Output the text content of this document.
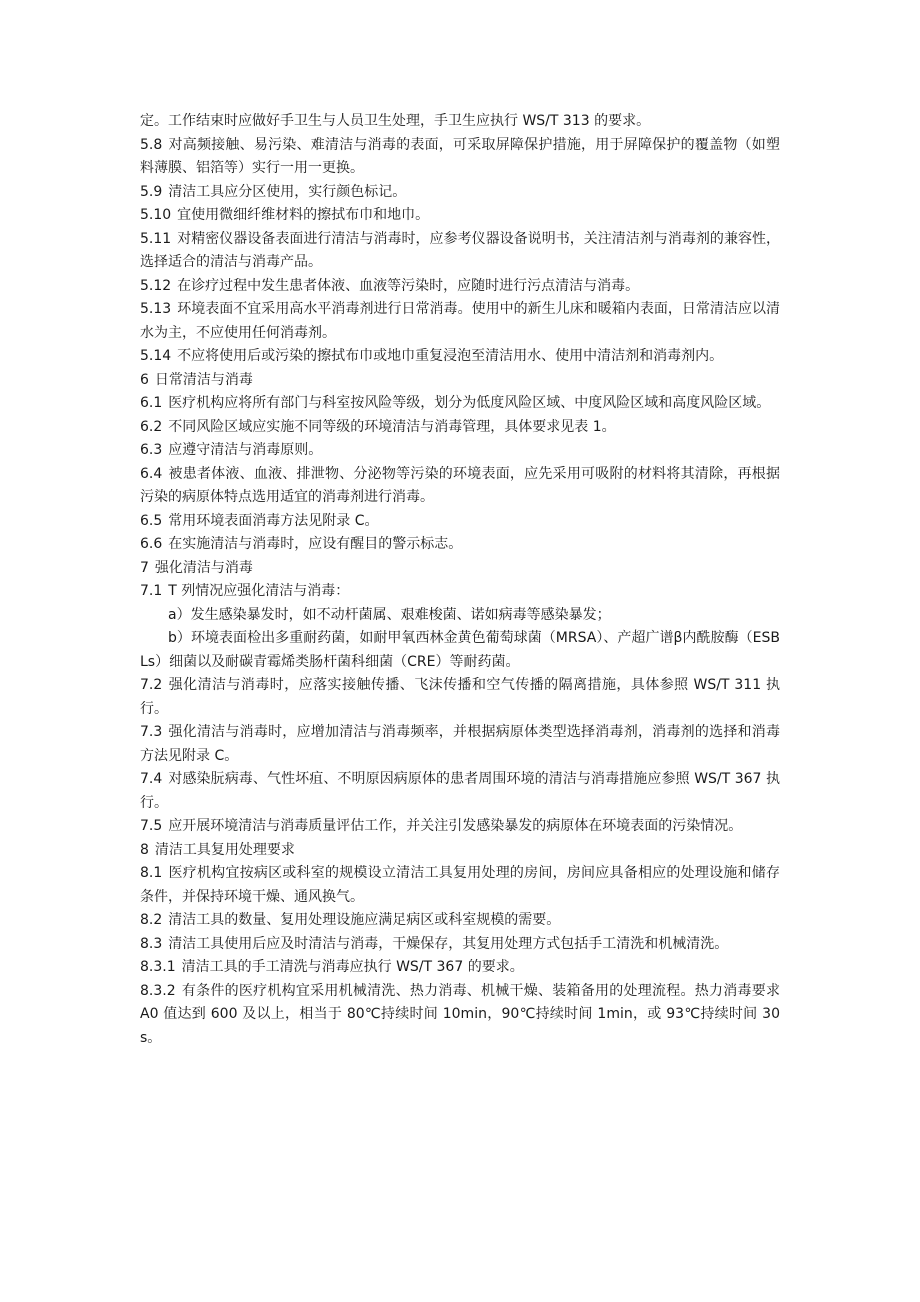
定。工作结束时应做好手卫生与人员卫生处理，手卫生应执行 WS/T 313 的要求。

5.8 对高频接触、易污染、难清洁与消毒的表面，可采取屏障保护措施，用于屏障保护的覆盖物（如塑料薄膜、铝箔等）实行一用一更换。

5.9 清洁工具应分区使用，实行颜色标记。

5.10 宜使用微细纤维材料的擦拭布巾和地巾。

5.11 对精密仪器设备表面进行清洁与消毒时，应参考仪器设备说明书，关注清洁剂与消毒剂的兼容性，选择适合的清洁与消毒产品。

5.12 在诊疗过程中发生患者体液、血液等污染时，应随时进行污点清洁与消毒。

5.13 环境表面不宜采用高水平消毒剂进行日常消毒。使用中的新生儿床和暖箱内表面，日常清洁应以清水为主，不应使用任何消毒剂。

5.14 不应将使用后或污染的擦拭布巾或地巾重复浸泡至清洁用水、使用中清洁剂和消毒剂内。

6 日常清洁与消毒

6.1 医疗机构应将所有部门与科室按风险等级，划分为低度风险区域、中度风险区域和高度风险区域。

6.2 不同风险区域应实施不同等级的环境清洁与消毒管理，具体要求见表 1。

6.3 应遵守清洁与消毒原则。

6.4 被患者体液、血液、排泄物、分泌物等污染的环境表面，应先采用可吸附的材料将其清除，再根据污染的病原体特点选用适宜的消毒剂进行消毒。

6.5 常用环境表面消毒方法见附录 C。

6.6 在实施清洁与消毒时，应设有醒目的警示标志。

7 强化清洁与消毒

7.1 T 列情况应强化清洁与消毒：

a）发生感染暴发时，如不动杆菌属、艰难梭菌、诺如病毒等感染暴发；

b）环境表面检出多重耐药菌，如耐甲氧西林金黄色葡萄球菌（MRSA）、产超广谱β内酰胺酶（ESBLs）细菌以及耐碳青霉烯类肠杆菌科细菌（CRE）等耐药菌。

7.2 强化清洁与消毒时，应落实接触传播、飞沫传播和空气传播的隔离措施，具体参照 WS/T 311 执行。

7.3 强化清洁与消毒时，应增加清洁与消毒频率，并根据病原体类型选择消毒剂，消毒剂的选择和消毒方法见附录 C。

7.4 对感染朊病毒、气性坏疽、不明原因病原体的患者周围环境的清洁与消毒措施应参照 WS/T 367 执行。

7.5 应开展环境清洁与消毒质量评估工作，并关注引发感染暴发的病原体在环境表面的污染情况。

8 清洁工具复用处理要求

8.1 医疗机构宜按病区或科室的规模设立清洁工具复用处理的房间，房间应具备相应的处理设施和储存条件，并保持环境干燥、通风换气。

8.2 清洁工具的数量、复用处理设施应满足病区或科室规模的需要。

8.3 清洁工具使用后应及时清洁与消毒，干燥保存，其复用处理方式包括手工清洗和机械清洗。

8.3.1 清洁工具的手工清洗与消毒应执行 WS/T 367 的要求。

8.3.2 有条件的医疗机构宜采用机械清洗、热力消毒、机械干燥、装箱备用的处理流程。热力消毒要求 A0 值达到 600 及以上，相当于 80℃持续时间 10min，90℃持续时间 1min，或 93℃持续时间 30s。
